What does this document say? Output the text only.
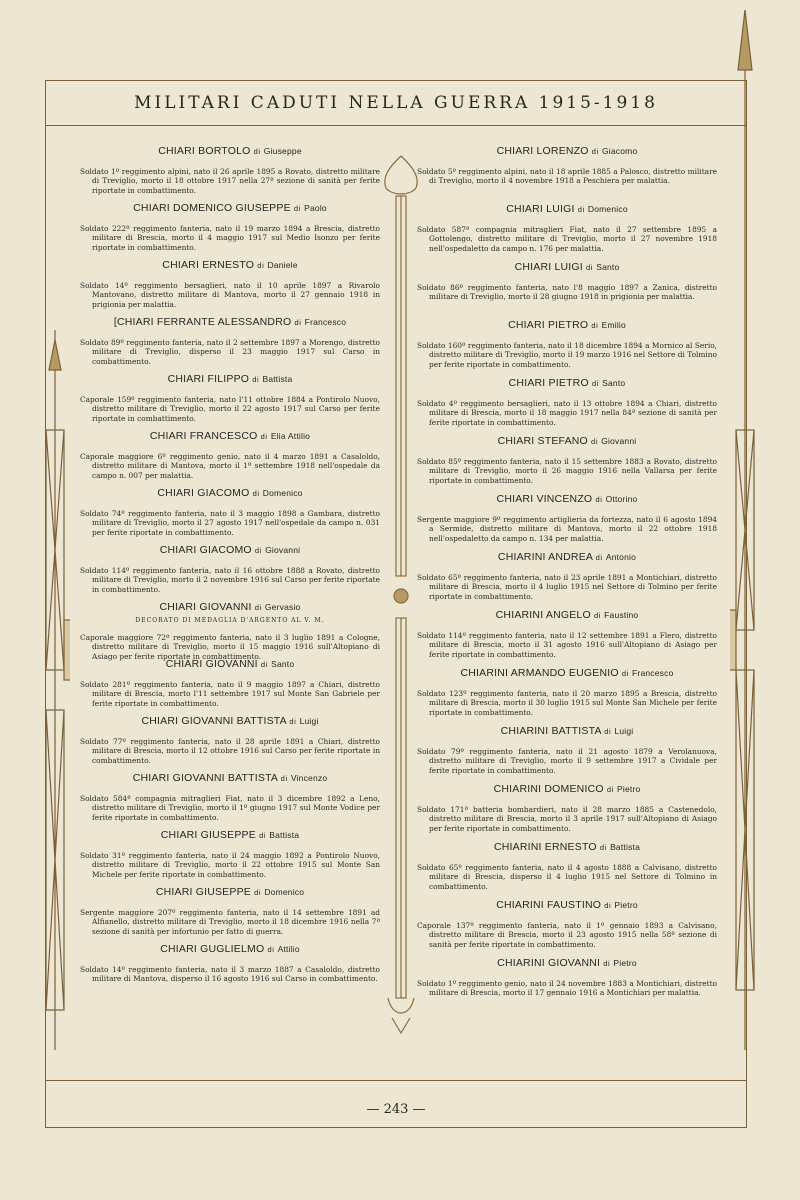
MILITARI CADUTI NELLA GUERRA 1915-1918
— 243 —
CHIARI BORTOLO di Giuseppe
Soldato 1º reggimento alpini, nato il 26 aprile 1895 a Rovato, distretto militare di Treviglio, morto il 18 ottobre 1917 nella 27ª sezione di sanità per ferite riportate in combattimento.
CHIARI DOMENICO GIUSEPPE di Paolo
Soldato 222º reggimento fanteria, nato il 19 marzo 1894 a Brescia, distretto militare di Brescia, morto il 4 maggio 1917 sul Medio Isonzo per ferite riportate in combattimento.
CHIARI ERNESTO di Daniele
Soldato 14º reggimento bersaglieri, nato il 10 aprile 1897 a Rivarolo Mantovano, distretto militare di Mantova, morto il 27 gennaio 1918 in prigionia per malattia.
[CHIARI FERRANTE ALESSANDRO di Francesco
Soldato 89º reggimento fanteria, nato il 2 settembre 1897 a Morengo, distretto militare di Treviglio, disperso il 23 maggio 1917 sul Carso in combattimento.
CHIARI FILIPPO di Battista
Caporale 159º reggimento fanteria, nato l'11 ottobre 1884 a Pontirolo Nuovo, distretto militare di Treviglio, morto il 22 agosto 1917 sul Carso per ferite riportate in combattimento.
CHIARI FRANCESCO di Elia Attilio
Caporale maggiore 6º reggimento genio, nato il 4 marzo 1891 a Casaloldo, distretto militare di Mantova, morto il 1º settembre 1918 nell'ospedale da campo n. 007 per malattia.
CHIARI GIACOMO di Domenico
Soldato 74º reggimento fanteria, nato il 3 maggio 1898 a Gambara, distretto militare di Treviglio, morto il 27 agosto 1917 nell'ospedale da campo n. 031 per ferite riportate in combattimento.
CHIARI GIACOMO di Giovanni
Soldato 114º reggimento fanteria, nato il 16 ottobre 1888 a Rovato, distretto militare di Treviglio, morto il 2 novembre 1916 sul Carso per ferite riportate in combattimento.
CHIARI GIOVANNI di Gervasio
DECORATO DI MEDAGLIA D'ARGENTO AL V. M.
Caporale maggiore 72º reggimento fanteria, nato il 3 luglio 1891 a Cologne, distretto militare di Treviglio, morto il 15 maggio 1916 sull'Altopiano di Asiago per ferite riportate in combattimento.
CHIARI GIOVANNI di Santo
Soldato 281º reggimento fanteria, nato il 9 maggio 1897 a Chiari, distretto militare di Brescia, morto l'11 settembre 1917 sul Monte San Gabriele per ferite riportate in combattimento.
CHIARI GIOVANNI BATTISTA di Luigi
Soldato 77º reggimento fanteria, nato il 28 aprile 1891 a Chiari, distretto militare di Brescia, morto il 12 ottobre 1916 sul Carso per ferite riportate in combattimento.
CHIARI GIOVANNI BATTISTA di Vincenzo
Soldato 584ª compagnia mitraglieri Fiat, nato il 3 dicembre 1892 a Leno, distretto militare di Treviglio, morto il 1º giugno 1917 sul Monte Vodice per ferite riportate in combattimento.
CHIARI GIUSEPPE di Battista
Soldato 31º reggimento fanteria, nato il 24 maggio 1892 a Pontirolo Nuovo, distretto militare di Treviglio, morto il 22 ottobre 1915 sul Monte San Michele per ferite riportate in combattimento.
CHIARI GIUSEPPE di Domenico
Sergente maggiore 207º reggimento fanteria, nato il 14 settembre 1891 ad Alfianello, distretto militare di Treviglio, morto il 18 dicembre 1916 nella 7ª sezione di sanità per infortunio per fatto di guerra.
CHIARI GUGLIELMO di Attilio
Soldato 14º reggimento fanteria, nato il 3 marzo 1887 a Casaloldo, distretto militare di Mantova, disperso il 16 agosto 1916 sul Carso in combattimento.
CHIARI LORENZO di Giacomo
Soldato 5º reggimento alpini, nato il 18 aprile 1885 a Palosco, distretto militare di Treviglio, morto il 4 novembre 1918 a Peschiera per malattia.
CHIARI LUIGI di Domenico
Soldato 587ª compagnia mitraglieri Fiat, nato il 27 settembre 1895 a Gottolengo, distretto militare di Treviglio, morto il 27 novembre 1918 nell'ospedaletto da campo n. 176 per malattia.
CHIARI LUIGI di Santo
Soldato 86º reggimento fanteria, nato l'8 maggio 1897 a Zanica, distretto militare di Treviglio, morto il 28 giugno 1918 in prigionia per malattia.
CHIARI PIETRO di Emilio
Soldato 160º reggimento fanteria, nato il 18 dicembre 1894 a Mornico al Serio, distretto militare di Treviglio, morto il 19 marzo 1916 nel Settore di Tolmino per ferite riportate in combattimento.
CHIARI PIETRO di Santo
Soldato 4º reggimento bersaglieri, nato il 13 ottobre 1894 a Chiari, distretto militare di Brescia, morto il 18 maggio 1917 nella 84ª sezione di sanità per ferite riportate in combattimento.
CHIARI STEFANO di Giovanni
Soldato 85º reggimento fanteria, nato il 15 settembre 1883 a Rovato, distretto militare di Treviglio, morto il 26 maggio 1916 nella Vallarsa per ferite riportate in combattimento.
CHIARI VINCENZO di Ottorino
Sergente maggiore 9º reggimento artiglieria da fortezza, nato il 6 agosto 1894 a Sermide, distretto militare di Mantova, morto il 22 ottobre 1918 nell'ospedaletto da campo n. 134 per malattia.
CHIARINI ANDREA di Antonio
Soldato 65º reggimento fanteria, nato il 23 aprile 1891 a Montichiari, distretto militare di Brescia, morto il 4 luglio 1915 nel Settore di Tolmino per ferite riportate in combattimento.
CHIARINI ANGELO di Faustino
Soldato 114º reggimento fanteria, nato il 12 settembre 1891 a Flero, distretto militare di Brescia, morto il 31 agosto 1916 sull'Altopiano di Asiago per ferite riportate in combattimento.
CHIARINI ARMANDO EUGENIO di Francesco
Soldato 123º reggimento fanteria, nato il 20 marzo 1895 a Brescia, distretto militare di Brescia, morto il 30 luglio 1915 sul Monte San Michele per ferite riportate in combattimento.
CHIARINI BATTISTA di Luigi
Soldato 79º reggimento fanteria, nato il 21 agosto 1879 a Verolanuova, distretto militare di Treviglio, morto il 9 settembre 1917 a Cividale per ferite riportate in combattimento.
CHIARINI DOMENICO di Pietro
Soldato 171ª batteria bombardieri, nato il 28 marzo 1885 a Castenedolo, distretto militare di Brescia, morto il 3 aprile 1917 sull'Altopiano di Asiago per ferite riportate in combattimento.
CHIARINI ERNESTO di Battista
Soldato 65º reggimento fanteria, nato il 4 agosto 1888 a Calvisano, distretto militare di Brescia, disperso il 4 luglio 1915 nel Settore di Tolmino in combattimento.
CHIARINI FAUSTINO di Pietro
Caporale 137º reggimento fanteria, nato il 1º gennaio 1893 a Calvisano, distretto militare di Brescia, morto il 23 agosto 1915 nella 58ª sezione di sanità per ferite riportate in combattimento.
CHIARINI GIOVANNI di Pietro
Soldato 1º reggimento genio, nato il 24 novembre 1883 a Montichiari, distretto militare di Brescia, morto il 17 gennaio 1916 a Montichiari per malattia.
